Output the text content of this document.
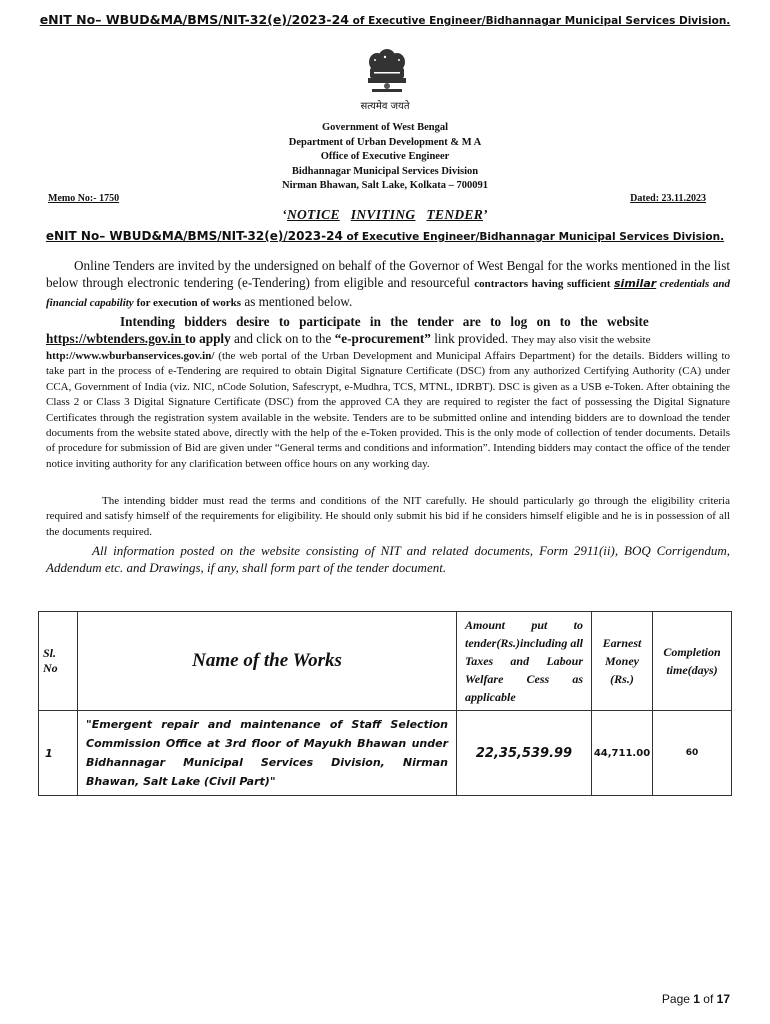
eNIT No– WBUD&MA/BMS/NIT-32(e)/2023-24 of Executive Engineer/Bidhannagar Municipal Services Division.
सत्यमेव जयते
Government of West Bengal
Department of Urban Development & M A
Office of Executive Engineer
Bidhannagar Municipal Services Division
Nirman Bhawan, Salt Lake, Kolkata – 700091
Memo No:- 1750	Dated: 23.11.2023
‘NOTICE INVITING TENDER’
eNIT No– WBUD&MA/BMS/NIT-32(e)/2023-24 of Executive Engineer/Bidhannagar Municipal Services Division.
Online Tenders are invited by the undersigned on behalf of the Governor of West Bengal for the works mentioned in the list below through electronic tendering (e-Tendering) from eligible and resourceful contractors having sufficient similar credentials and financial capability for execution of works as mentioned below.
Intending bidders desire to participate in the tender are to log on to the website
https://wbtenders.gov.in to apply and click on to the “e-procurement” link provided. They may also visit the website
http://www.wburbanservices.gov.in/ (the web portal of the Urban Development and Municipal Affairs Department) for the details. Bidders willing to take part in the process of e-Tendering are required to obtain Digital Signature Certificate (DSC) from any authorized Certifying Authority (CA) under CCA, Government of India (viz. NIC, nCode Solution, Safescrypt, e-Mudhra, TCS, MTNL, IDRBT). DSC is given as a USB e-Token. After obtaining the Class 2 or Class 3 Digital Signature Certificate (DSC) from the approved CA they are required to register the fact of possessing the Digital Signature Certificates through the registration system available in the website. Tenders are to be submitted online and intending bidders are to download the tender documents from the website stated above, directly with the help of the e-Token provided. This is the only mode of collection of tender documents. Details of procedure for submission of Bid are given under “General terms and conditions and information”. Intending bidders may contact the office of the tender notice inviting authority for any clarification between office hours on any working day.
The intending bidder must read the terms and conditions of the NIT carefully. He should particularly go through the eligibility criteria required and satisfy himself of the requirements for eligibility. He should only submit his bid if he considers himself eligible and he is in possession of all the documents required.
All information posted on the website consisting of NIT and related documents, Form 2911(ii), BOQ Corrigendum, Addendum etc. and Drawings, if any, shall form part of the tender document.
Sl. No	Name of the Works	Amount put to tender(Rs.)including all Taxes and Labour Welfare Cess as applicable	Earnest Money (Rs.)	Completion time(days)
1	"Emergent repair and maintenance of Staff Selection Commission Office at 3rd floor of Mayukh Bhawan under Bidhannagar Municipal Services Division, Nirman Bhawan, Salt Lake (Civil Part)"	22,35,539.99	44,711.00	60
Page 1 of 17
